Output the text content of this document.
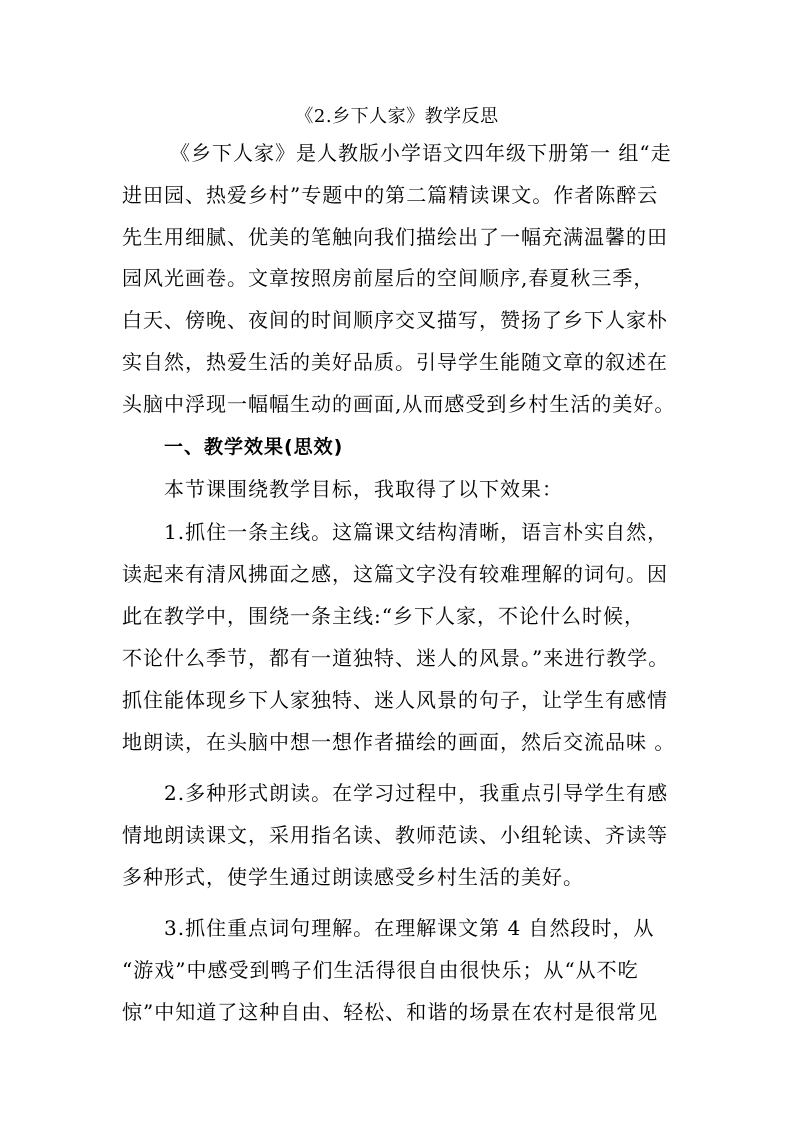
《2.乡下人家》教学反思
《乡下人家》是人教版小学语文四年级下册第一 组“走
进田园、热爱乡村”专题中的第二篇精读课文。作者陈醉云
先生用细腻、优美的笔触向我们描绘出了一幅充满温馨的田
园风光画卷。文章按照房前屋后的空间顺序,春夏秋三季，
白天、傍晚、夜间的时间顺序交叉描写，赞扬了乡下人家朴
实自然，热爱生活的美好品质。引导学生能随文章的叙述在
头脑中浮现一幅幅生动的画面,从而感受到乡村生活的美好。
一、教学效果(思效)
本节课围绕教学目标，我取得了以下效果：
1.抓住一条主线。这篇课文结构清晰，语言朴实自然，
读起来有清风拂面之感，这篇文字没有较难理解的词句。因
此在教学中，围绕一条主线:“乡下人家，不论什么时候，
不论什么季节，都有一道独特、迷人的风景。”来进行教学。
抓住能体现乡下人家独特、迷人风景的句子，让学生有感情
地朗读，在头脑中想一想作者描绘的画面，然后交流品味 。
2.多种形式朗读。在学习过程中，我重点引导学生有感
情地朗读课文，采用指名读、教师范读、小组轮读、齐读等
多种形式，使学生通过朗读感受乡村生活的美好。
3.抓住重点词句理解。在理解课文第 4 自然段时，从
“游戏”中感受到鸭子们生活得很自由很快乐；从“从不吃
惊”中知道了这种自由、轻松、和谐的场景在农村是很常见
